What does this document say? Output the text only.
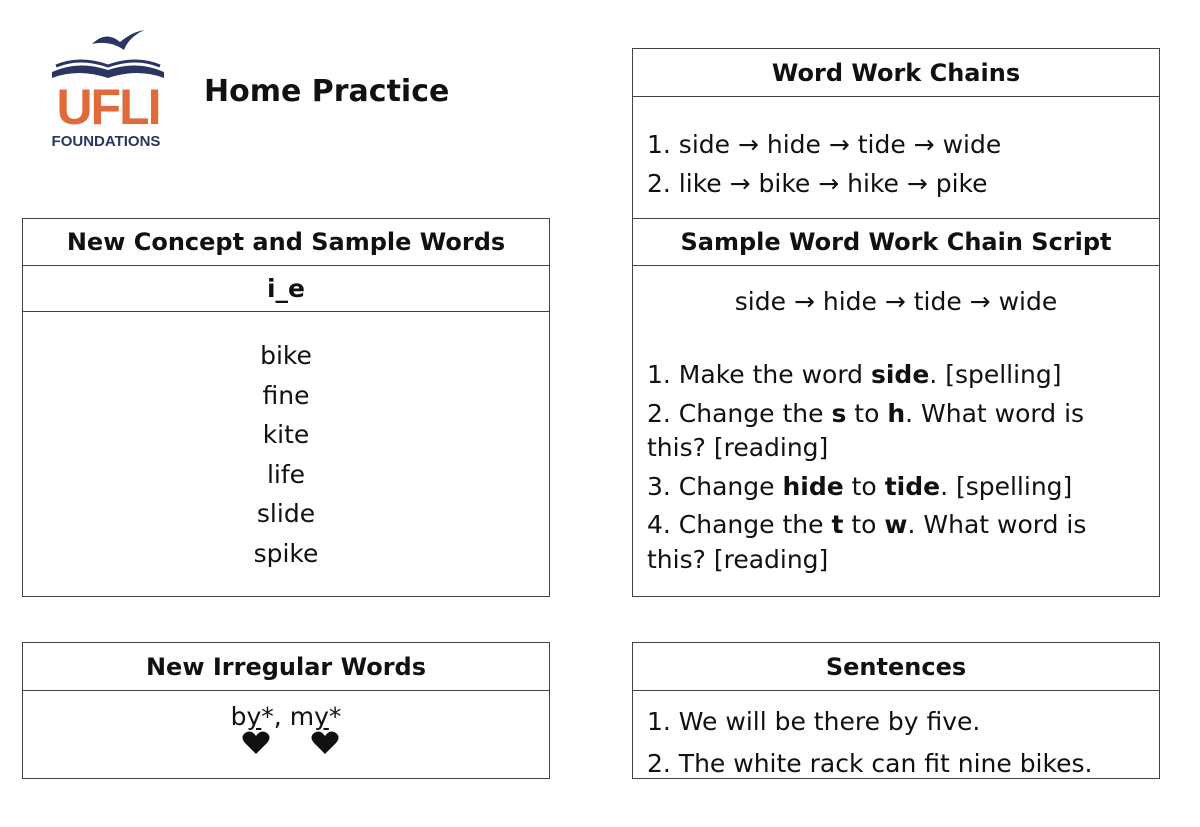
UFLI
FOUNDATIONS
Home Practice
New Concept and Sample Words
i_e
bike
fine
kite
life
slide
spike
New Irregular Words
by*, my*
Word Work Chains
1. side → hide → tide → wide
2. like → bike → hike → pike
Sample Word Work Chain Script
side → hide → tide → wide
1. Make the word side. [spelling]
2. Change the s to h. What word is this? [reading]
3. Change hide to tide. [spelling]
4. Change the t to w. What word is this? [reading]
Sentences
1. We will be there by five.
2. The white rack can fit nine bikes.
